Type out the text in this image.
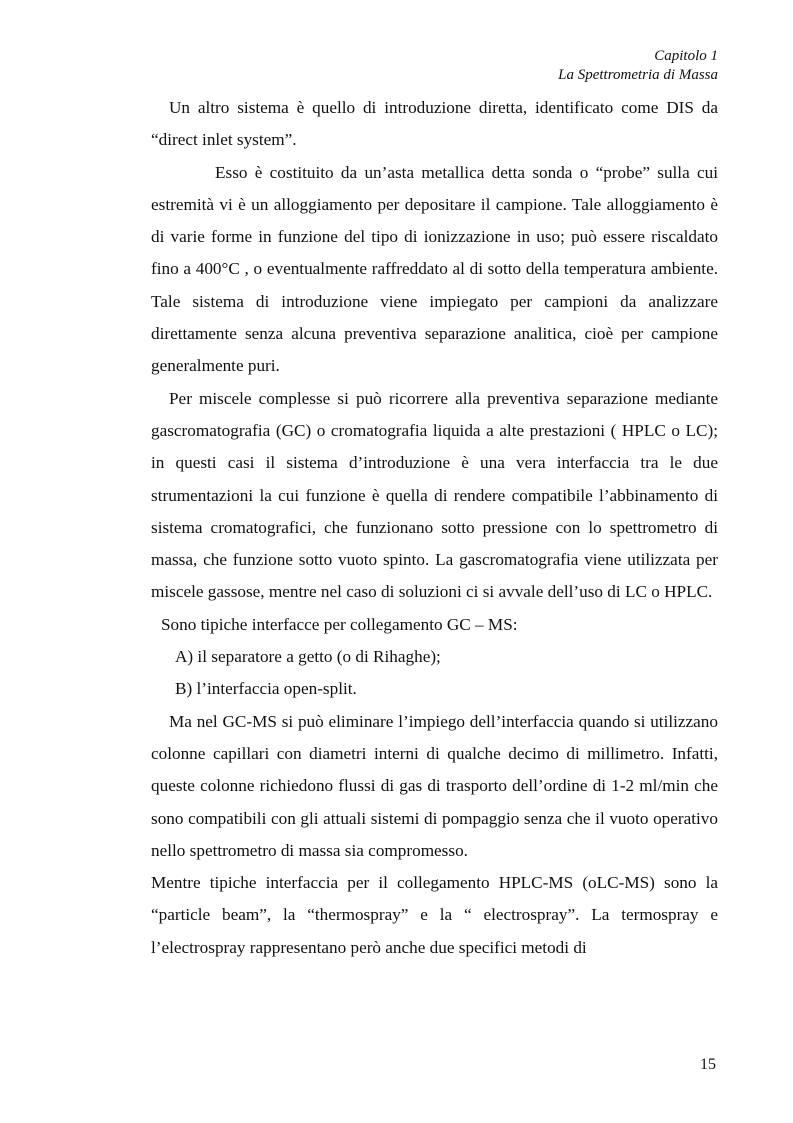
Capitolo 1
La Spettrometria di Massa

Un altro sistema è quello di introduzione diretta, identificato come DIS da “direct inlet system”.

Esso è costituito da un’asta metallica detta sonda o “probe” sulla cui estremità vi è un alloggiamento per depositare il campione. Tale alloggiamento è di varie forme in funzione del tipo di ionizzazione in uso; può essere riscaldato fino a 400°C , o eventualmente raffreddato al di sotto della temperatura ambiente. Tale sistema di introduzione viene impiegato per campioni da analizzare direttamente senza alcuna preventiva separazione analitica, cioè per campione generalmente puri.

Per miscele complesse si può ricorrere alla preventiva separazione mediante gascromatografia (GC) o cromatografia liquida a alte prestazioni ( HPLC o LC); in questi casi il sistema d’introduzione è una vera interfaccia tra le due strumentazioni la cui funzione è quella di rendere compatibile l’abbinamento di sistema cromatografici, che funzionano sotto pressione con lo spettrometro di massa, che funzione sotto vuoto spinto. La gascromatografia viene utilizzata per miscele gassose, mentre nel caso di soluzioni ci si avvale dell’uso di LC o HPLC.

Sono tipiche interfacce per collegamento GC – MS:

A) il separatore a getto (o di Rihaghe);

B) l’interfaccia open-split.

Ma nel GC-MS si può eliminare l’impiego dell’interfaccia quando si utilizzano colonne capillari con diametri interni di qualche decimo di millimetro. Infatti, queste colonne richiedono flussi di gas di trasporto dell’ordine di 1-2 ml/min che sono compatibili con gli attuali sistemi di pompaggio senza che il vuoto operativo nello spettrometro di massa sia compromesso.

Mentre tipiche interfaccia per il collegamento HPLC-MS (oLC-MS) sono la “particle beam”, la “thermospray” e la “ electrospray”. La termospray e l’electrospray rappresentano però anche due specifici metodi di

15
